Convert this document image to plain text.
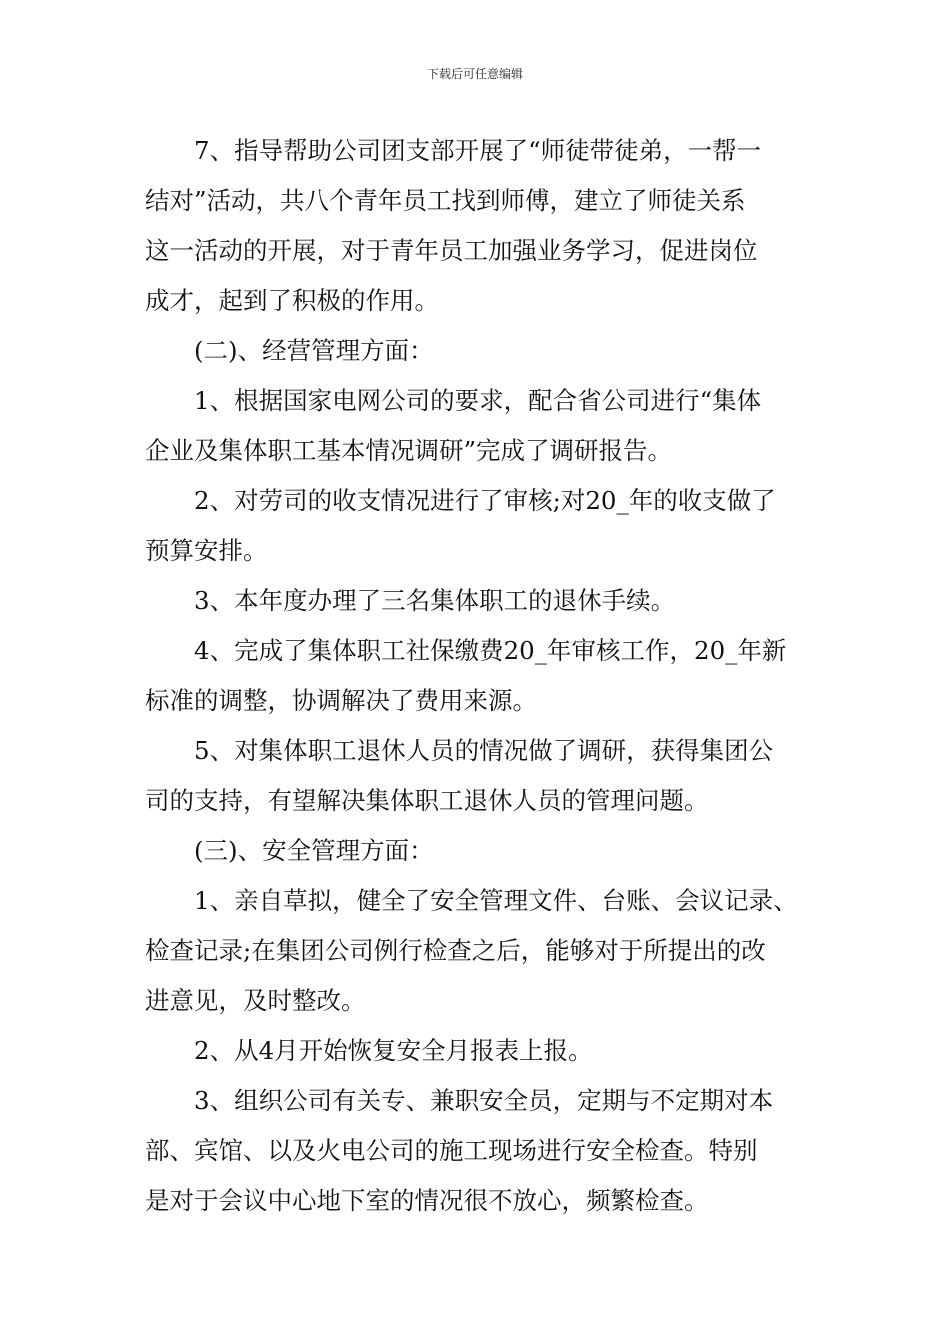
下载后可任意编辑
7、指导帮助公司团支部开展了“师徒带徒弟，一帮一
结对”活动，共八个青年员工找到师傅，建立了师徒关系
这一活动的开展，对于青年员工加强业务学习，促进岗位
成才，起到了积极的作用。
(二)、经营管理方面：
1、根据国家电网公司的要求，配合省公司进行“集体
企业及集体职工基本情况调研”完成了调研报告。
2、对劳司的收支情况进行了审核;对20_年的收支做了
预算安排。
3、本年度办理了三名集体职工的退休手续。
4、完成了集体职工社保缴费20_年审核工作，20_年新
标准的调整，协调解决了费用来源。
5、对集体职工退休人员的情况做了调研，获得集团公
司的支持，有望解决集体职工退休人员的管理问题。
(三)、安全管理方面：
1、亲自草拟，健全了安全管理文件、台账、会议记录、
检查记录;在集团公司例行检查之后，能够对于所提出的改
进意见，及时整改。
2、从4月开始恢复安全月报表上报。
3、组织公司有关专、兼职安全员，定期与不定期对本
部、宾馆、以及火电公司的施工现场进行安全检查。特别
是对于会议中心地下室的情况很不放心，频繁检查。
